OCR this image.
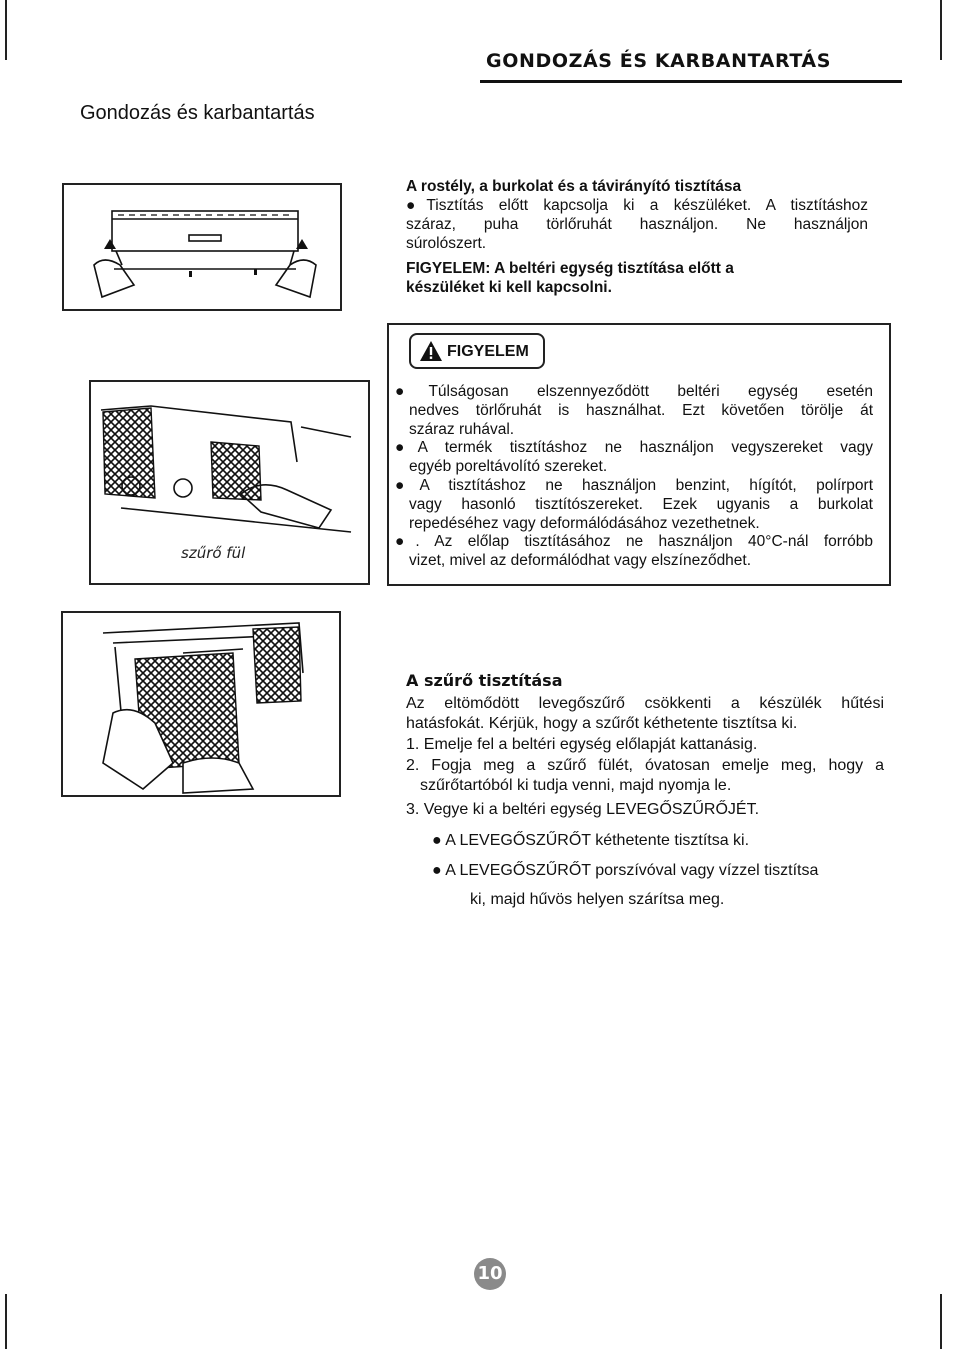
GONDOZÁS ÉS KARBANTARTÁS
Gondozás és karbantartás

A rostély, a burkolat és a távirányító tisztítása

●Tisztítás előtt kapcsolja ki a készüléket. A tisztításhoz

száraz, puha törlőruhát használjon. Ne használjon

súrolószert.

FIGYELEM: A beltéri egység tisztítása előtt a

készüléket ki kell kapcsolni.

szűrő fül
FIGYELEM

●Túlságosan elszennyeződött beltéri egység esetén

nedves törlőruhát is használhat. Ezt követően törölje át

száraz ruhával.

●A termék tisztításhoz ne használjon vegyszereket vagy

egyéb poreltávolító szereket.

●A tisztításhoz ne használjon benzint, hígítót, polírport

vagy hasonló tisztítószereket. Ezek ugyanis a burkolat

repedéséhez vagy deformálódásához vezethetnek.

●. Az előlap tisztításához ne használjon 40°C-nál forróbb

vizet, mivel az deformálódhat vagy elszíneződhet.

A szűrő tisztítása

Az eltömődött levegőszűrő csökkenti a készülék hűtési

hatásfokát. Kérjük, hogy a szűrőt kéthetente tisztítsa ki.

1. Emelje fel a beltéri egység előlapját kattanásig.

2. Fogja meg a szűrő fülét, óvatosan emelje meg, hogy a

szűrőtartóból ki tudja venni, majd nyomja le.

3. Vegye ki a beltéri egység LEVEGŐSZŰRŐJÉT.

● A LEVEGŐSZŰRŐT kéthetente tisztítsa ki.

● A LEVEGŐSZŰRŐT porszívóval vagy vízzel tisztítsa

ki, majd hűvös helyen szárítsa meg.

10
